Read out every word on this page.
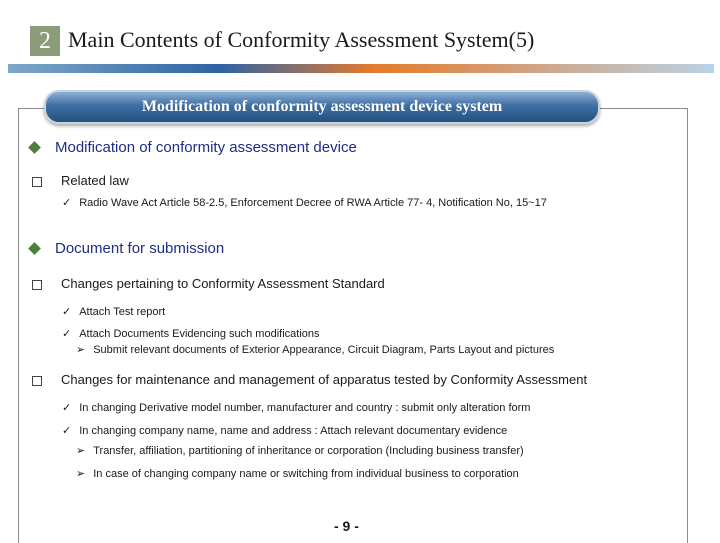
2 Main Contents of Conformity Assessment System(5)
Modification of conformity assessment device system
Modification of conformity assessment device
Related law
✓ Radio Wave Act Article 58-2.5, Enforcement Decree of RWA Article 77- 4, Notification No, 15~17
Document for submission
Changes pertaining to Conformity Assessment Standard
✓ Attach Test report
✓ Attach Documents Evidencing such modifications
➢ Submit relevant documents of Exterior Appearance, Circuit Diagram, Parts Layout and pictures
Changes for maintenance and management of apparatus tested by Conformity Assessment
✓ In changing Derivative model number, manufacturer and country : submit only alteration form
✓ In changing company name, name and address : Attach relevant documentary evidence
➢ Transfer, affiliation, partitioning of inheritance or corporation (Including business transfer)
➢ In case of changing company name or switching from individual business to corporation
- 9 -
